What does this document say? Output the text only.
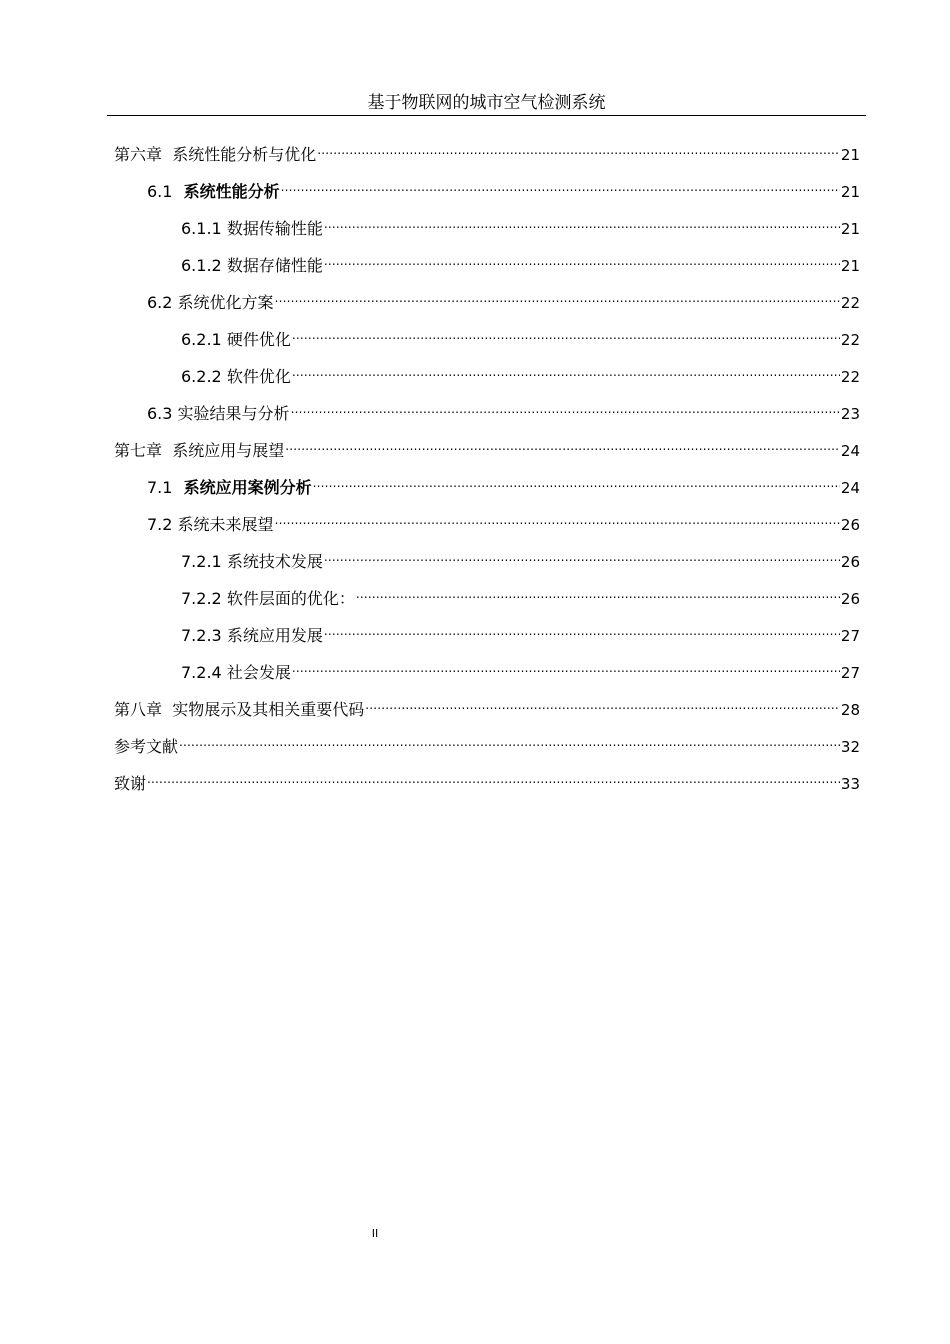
基于物联网的城市空气检测系统
第六章 系统性能分析与优化 .....	21
6.1 系统性能分析 .....	21
6.1.1 数据传输性能 .....	21
6.1.2 数据存储性能 .....	21
6.2 系统优化方案 .....	22
6.2.1 硬件优化 .....	22
6.2.2 软件优化 .....	22
6.3 实验结果与分析 .....	23
第七章 系统应用与展望 .....	24
7.1 系统应用案例分析 .....	24
7.2 系统未来展望 .....	26
7.2.1 系统技术发展 .....	26
7.2.2 软件层面的优化： .....	26
7.2.3 系统应用发展 .....	27
7.2.4 社会发展 .....	27
第八章 实物展示及其相关重要代码 .....	28
参考文献 .....	32
致谢 .....	33
II
